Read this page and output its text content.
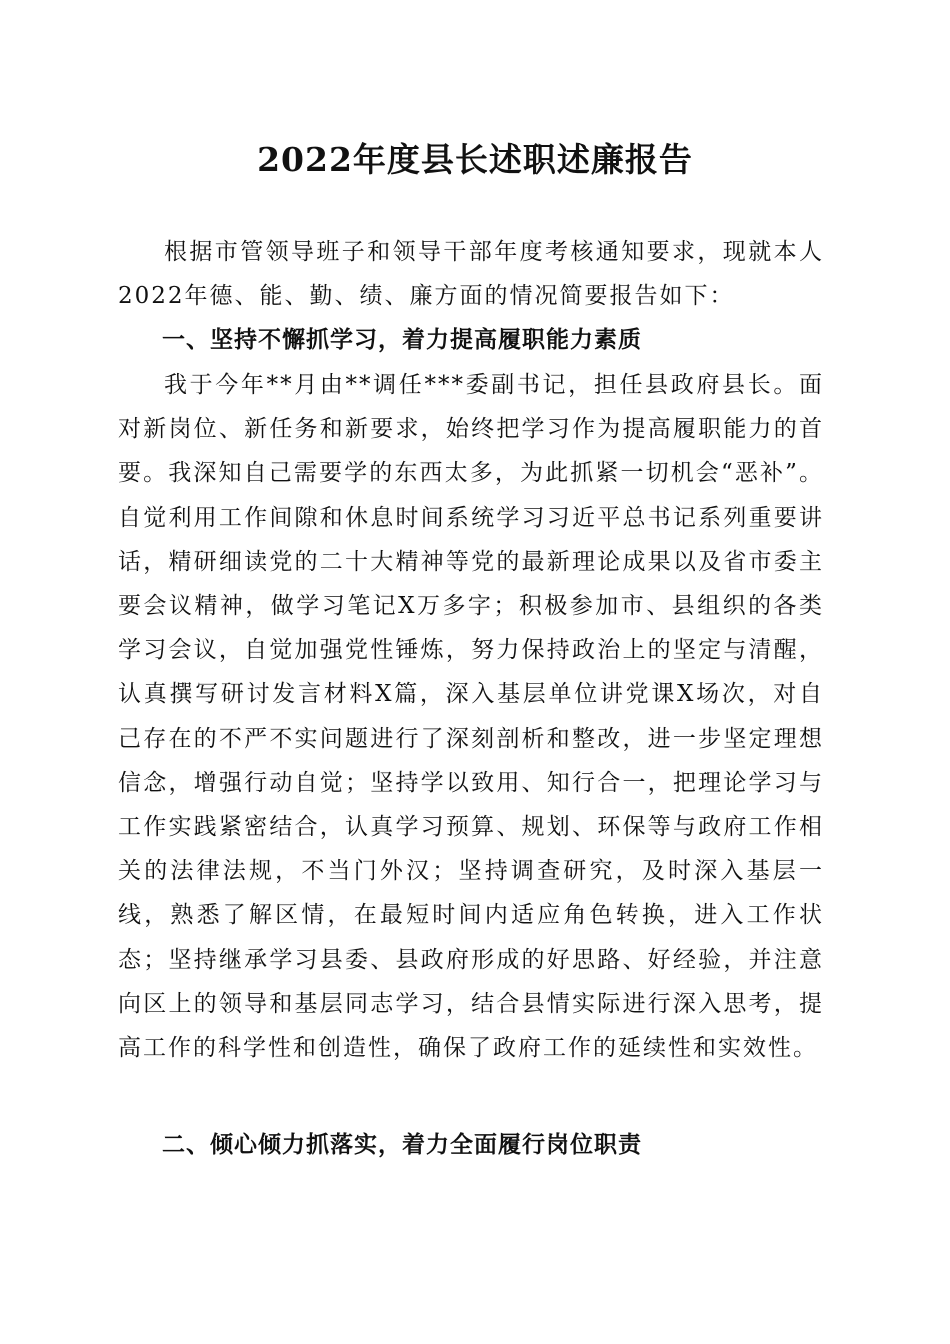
2022年度县长述职述廉报告

根据市管领导班子和领导干部年度考核通知要求，现就本人2022年德、能、勤、绩、廉方面的情况简要报告如下：

一、坚持不懈抓学习，着力提高履职能力素质

我于今年**月由**调任***委副书记，担任县政府县长。面对新岗位、新任务和新要求，始终把学习作为提高履职能力的首要。我深知自己需要学的东西太多，为此抓紧一切机会“恶补”。自觉利用工作间隙和休息时间系统学习习近平总书记系列重要讲话，精研细读党的二十大精神等党的最新理论成果以及省市委主要会议精神，做学习笔记X万多字；积极参加市、县组织的各类学习会议，自觉加强党性锤炼，努力保持政治上的坚定与清醒，认真撰写研讨发言材料X篇，深入基层单位讲党课X场次，对自己存在的不严不实问题进行了深刻剖析和整改，进一步坚定理想信念，增强行动自觉；坚持学以致用、知行合一，把理论学习与工作实践紧密结合，认真学习预算、规划、环保等与政府工作相关的法律法规，不当门外汉；坚持调查研究，及时深入基层一线，熟悉了解区情，在最短时间内适应角色转换，进入工作状态；坚持继承学习县委、县政府形成的好思路、好经验，并注意向区上的领导和基层同志学习，结合县情实际进行深入思考，提高工作的科学性和创造性，确保了政府工作的延续性和实效性。

二、倾心倾力抓落实，着力全面履行岗位职责
